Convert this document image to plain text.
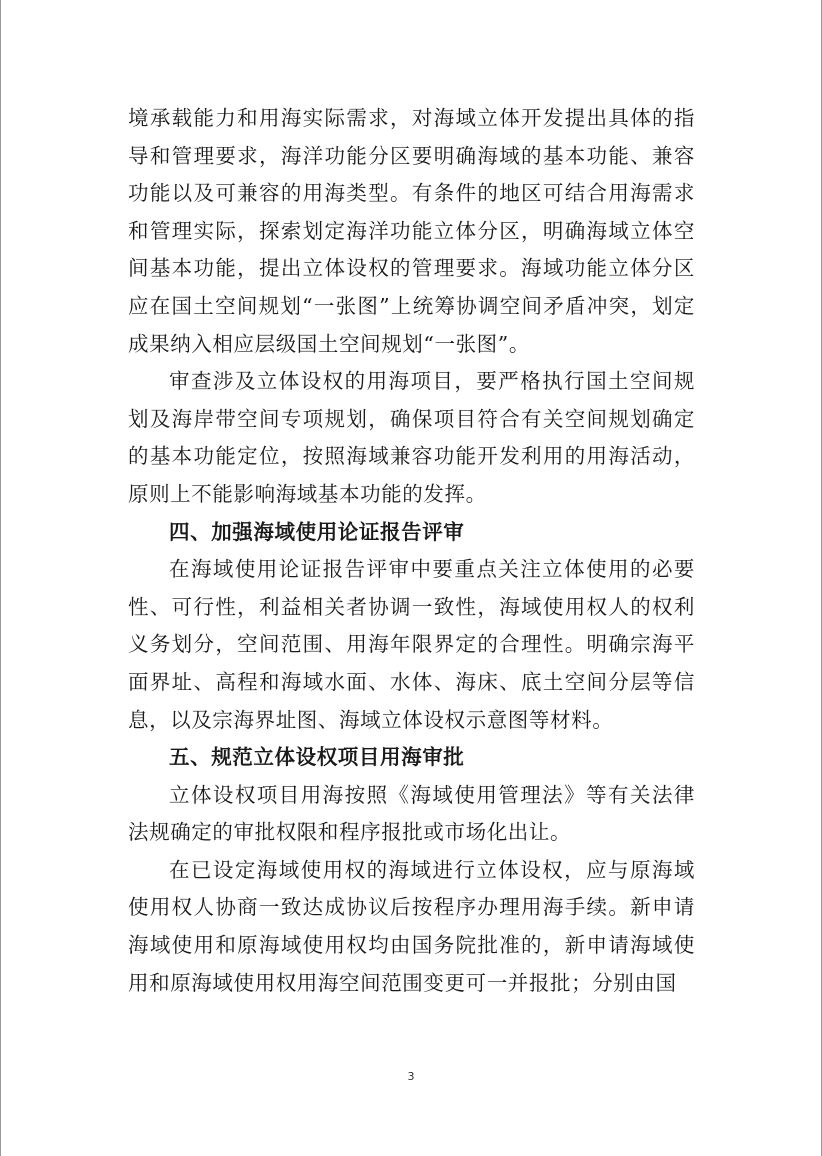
境承载能力和用海实际需求，对海域立体开发提出具体的指导和管理要求，海洋功能分区要明确海域的基本功能、兼容功能以及可兼容的用海类型。有条件的地区可结合用海需求和管理实际，探索划定海洋功能立体分区，明确海域立体空间基本功能，提出立体设权的管理要求。海域功能立体分区应在国土空间规划“一张图”上统筹协调空间矛盾冲突，划定成果纳入相应层级国土空间规划“一张图”。

审查涉及立体设权的用海项目，要严格执行国土空间规划及海岸带空间专项规划，确保项目符合有关空间规划确定的基本功能定位，按照海域兼容功能开发利用的用海活动，原则上不能影响海域基本功能的发挥。

四、加强海域使用论证报告评审

在海域使用论证报告评审中要重点关注立体使用的必要性、可行性，利益相关者协调一致性，海域使用权人的权利义务划分，空间范围、用海年限界定的合理性。明确宗海平面界址、高程和海域水面、水体、海床、底土空间分层等信息，以及宗海界址图、海域立体设权示意图等材料。

五、规范立体设权项目用海审批

立体设权项目用海按照《海域使用管理法》等有关法律法规确定的审批权限和程序报批或市场化出让。

在已设定海域使用权的海域进行立体设权，应与原海域使用权人协商一致达成协议后按程序办理用海手续。新申请海域使用和原海域使用权均由国务院批准的，新申请海域使用和原海域使用权用海空间范围变更可一并报批；分别由国

3
